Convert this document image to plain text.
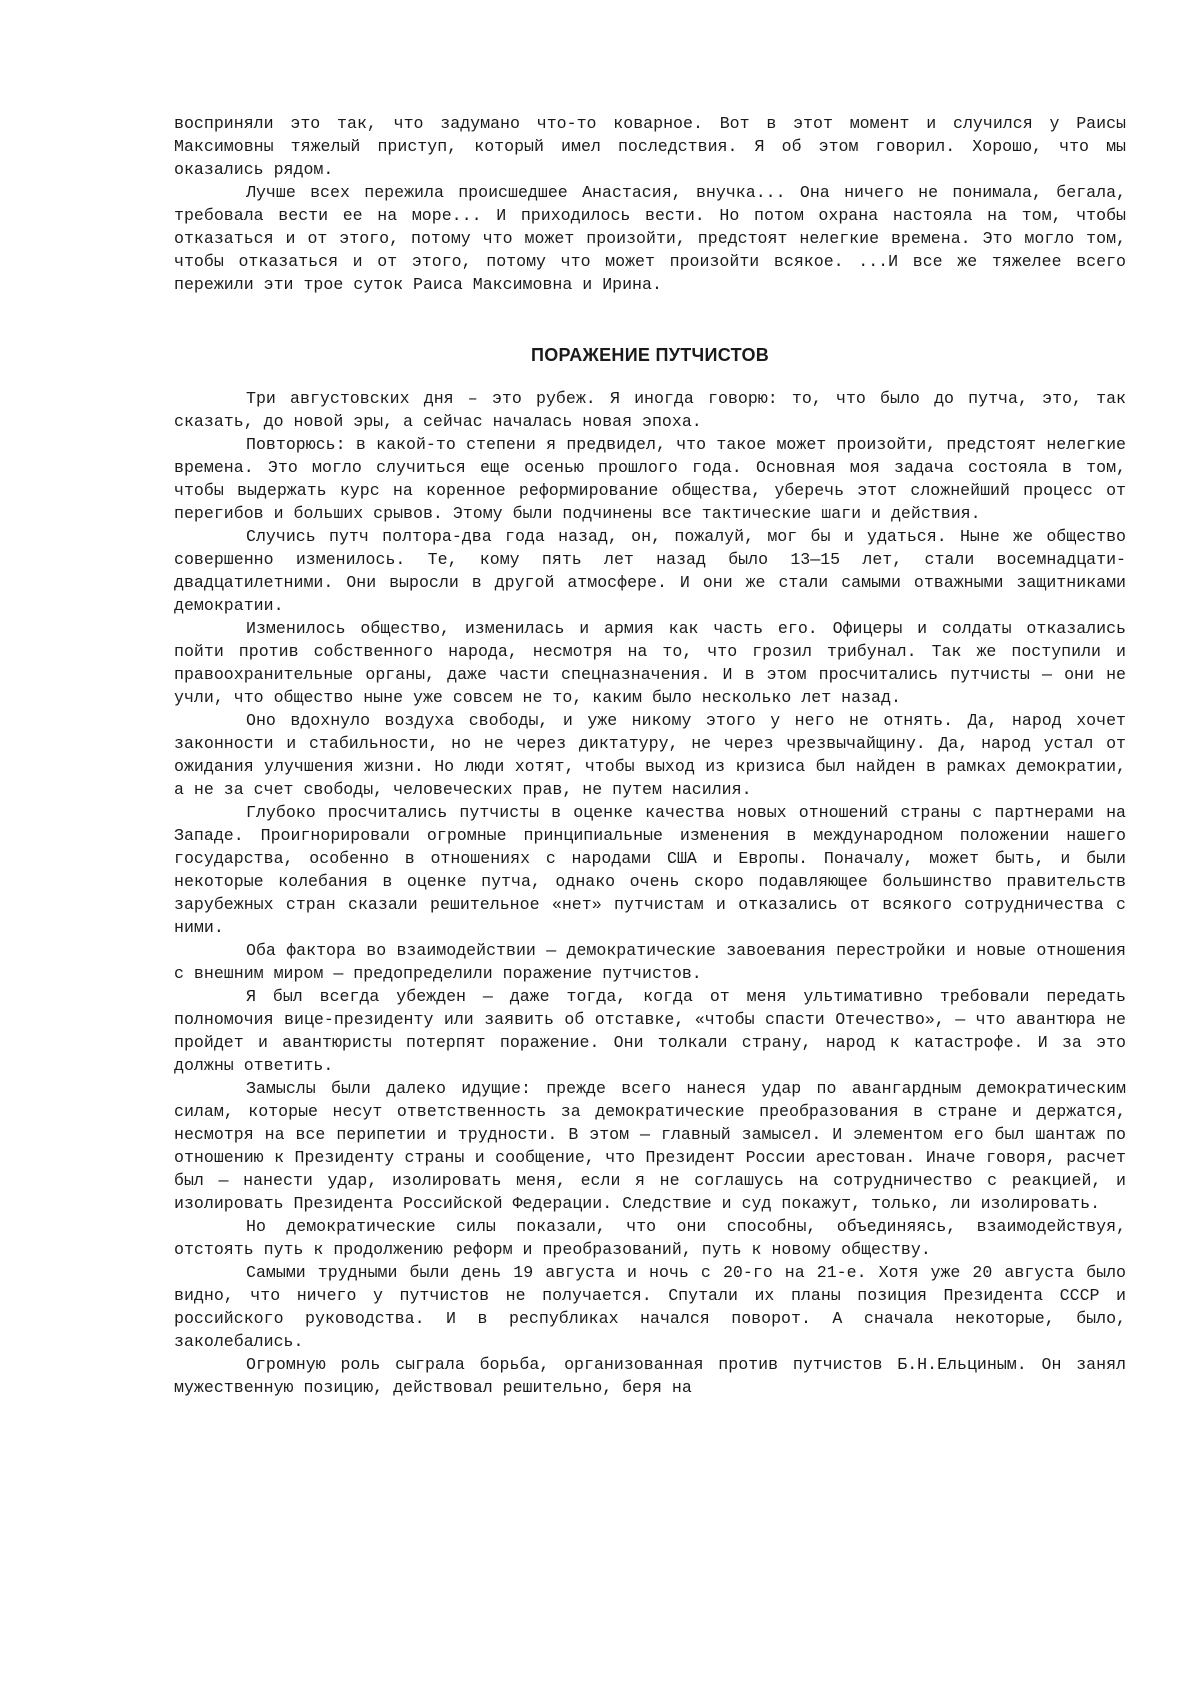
восприняли это так, что задумано что-то коварное. Вот в этот момент и случился у Раисы Максимовны тяжелый приступ, который имел последствия. Я об этом говорил. Хорошо, что мы оказались рядом.

Лучше всех пережила происшедшее Анастасия, внучка... Она ничего не понимала, бегала, требовала вести ее на море... И приходилось вести. Но потом охрана настояла на том, чтобы отказаться и от этого, потому что может произойти, предстоят нелегкие времена. Это могло том, чтобы отказаться и от этого, потому что может произойти всякое. ...И все же тяжелее всего пережили эти трое суток Раиса Максимовна и Ирина.

ПОРАЖЕНИЕ ПУТЧИСТОВ

Три августовских дня – это рубеж. Я иногда говорю: то, что было до путча, это, так сказать, до новой эры, а сейчас началась новая эпоха.

Повторюсь: в какой-то степени я предвидел, что такое может произойти, предстоят нелегкие времена. Это могло случиться еще осенью прошлого года. Основная моя задача состояла в том, чтобы выдержать курс на коренное реформирование общества, уберечь этот сложнейший процесс от перегибов и больших срывов. Этому были подчинены все тактические шаги и действия.

Случись путч полтора-два года назад, он, пожалуй, мог бы и удаться. Ныне же общество совершенно изменилось. Те, кому пять лет назад было 13—15 лет, стали восемнадцати-двадцатилетними. Они выросли в другой атмосфере. И они же стали самыми отважными защитниками демократии.

Изменилось общество, изменилась и армия как часть его. Офицеры и солдаты отказались пойти против собственного народа, несмотря на то, что грозил трибунал. Так же поступили и правоохранительные органы, даже части спецназначения. И в этом просчитались путчисты — они не учли, что общество ныне уже совсем не то, каким было несколько лет назад.

Оно вдохнуло воздуха свободы, и уже никому этого у него не отнять. Да, народ хочет законности и стабильности, но не через диктатуру, не через чрезвычайщину. Да, народ устал от ожидания улучшения жизни. Но люди хотят, чтобы выход из кризиса был найден в рамках демократии, а не за счет свободы, человеческих прав, не путем насилия.

Глубоко просчитались путчисты в оценке качества новых отношений страны с партнерами на Западе. Проигнорировали огромные принципиальные изменения в международном положении нашего государства, особенно в отношениях с народами США и Европы. Поначалу, может быть, и были некоторые колебания в оценке путча, однако очень скоро подавляющее большинство правительств зарубежных стран сказали решительное «нет» путчистам и отказались от всякого сотрудничества с ними.

Оба фактора во взаимодействии — демократические завоевания перестройки и новые отношения с внешним миром — предопределили поражение путчистов.

Я был всегда убежден — даже тогда, когда от меня ультимативно требовали передать полномочия вице-президенту или заявить об отставке, «чтобы спасти Отечество», — что авантюра не пройдет и авантюристы потерпят поражение. Они толкали страну, народ к катастрофе. И за это должны ответить.

Замыслы были далеко идущие: прежде всего нанеся удар по авангардным демократическим силам, которые несут ответственность за демократические преобразования в стране и держатся, несмотря на все перипетии и трудности. В этом — главный замысел. И элементом его был шантаж по отношению к Президенту страны и сообщение, что Президент России арестован. Иначе говоря, расчет был — нанести удар, изолировать меня, если я не соглашусь на сотрудничество с реакцией, и изолировать Президента Российской Федерации. Следствие и суд покажут, только, ли изолировать.

Но демократические силы показали, что они способны, объединяясь, взаимодействуя, отстоять путь к продолжению реформ и преобразований, путь к новому обществу.

Самыми трудными были день 19 августа и ночь с 20-го на 21-е. Хотя уже 20 августа было видно, что ничего у путчистов не получается. Спутали их планы позиция Президента СССР и российского руководства. И в республиках начался поворот. А сначала некоторые, было, заколебались.

Огромную роль сыграла борьба, организованная против путчистов Б.Н.Ельциным. Он занял мужественную позицию, действовал решительно, беря на
